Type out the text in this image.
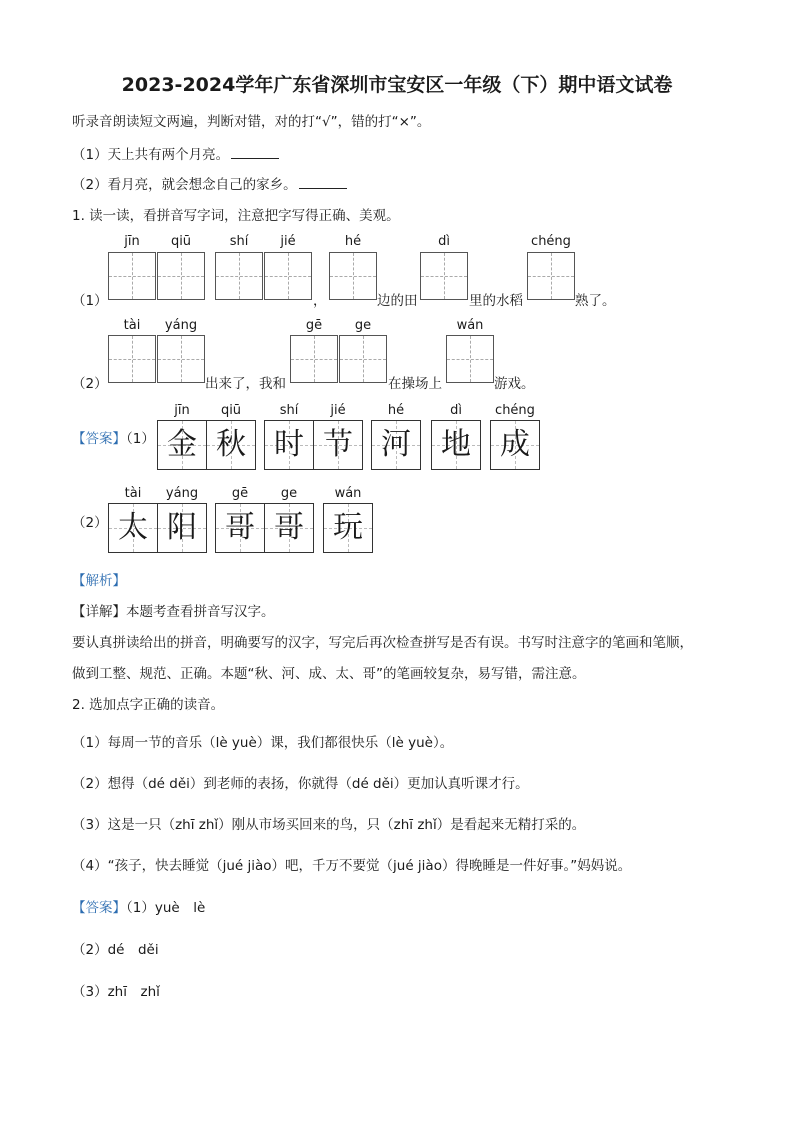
2023-2024学年广东省深圳市宝安区一年级（下）期中语文试卷
听录音朗读短文两遍，判断对错，对的打“√”，错的打“×”。
（1）天上共有两个月亮。
（2）看月亮，就会想念自己的家乡。
1. 读一读，看拼音写字词，注意把字写得正确、美观。
jīn	qiū	shí	jié	hé	dì	chéng
（1）	，	边的田	里的水稻	熟了。
tài	yáng	gē	ge	wán
（2）	出来了，我和	在操场上	游戏。
jīn	qiū	shí	jié	hé	dì	chéng
【答案】（1） 金 秋 时 节 河	地 成
tài	yáng	gē	ge	wán
（2） 太 阳 哥 哥 玩
【解析】
【详解】本题考查看拼音写汉字。
要认真拼读给出的拼音，明确要写的汉字，写完后再次检查拼写是否有误。书写时注意字的笔画和笔顺，
做到工整、规范、正确。本题“秋、河、成、太、哥”的笔画较复杂，易写错，需注意。
2. 选加点字正确的读音。
（1）每周一节的音乐（lè yuè）课，我们都很快乐（lè yuè）。
（2）想得（dé děi）到老师的表扬，你就得（dé děi）更加认真听课才行。
（3）这是一只（zhī zhǐ）刚从市场买回来的鸟，只（zhī zhǐ）是看起来无精打采的。
（4）“孩子，快去睡觉（jué jiào）吧，千万不要觉（jué jiào）得晚睡是一件好事。”妈妈说。
【答案】（1）yuè　lè
（2）dé　děi
（3）zhī　zhǐ
